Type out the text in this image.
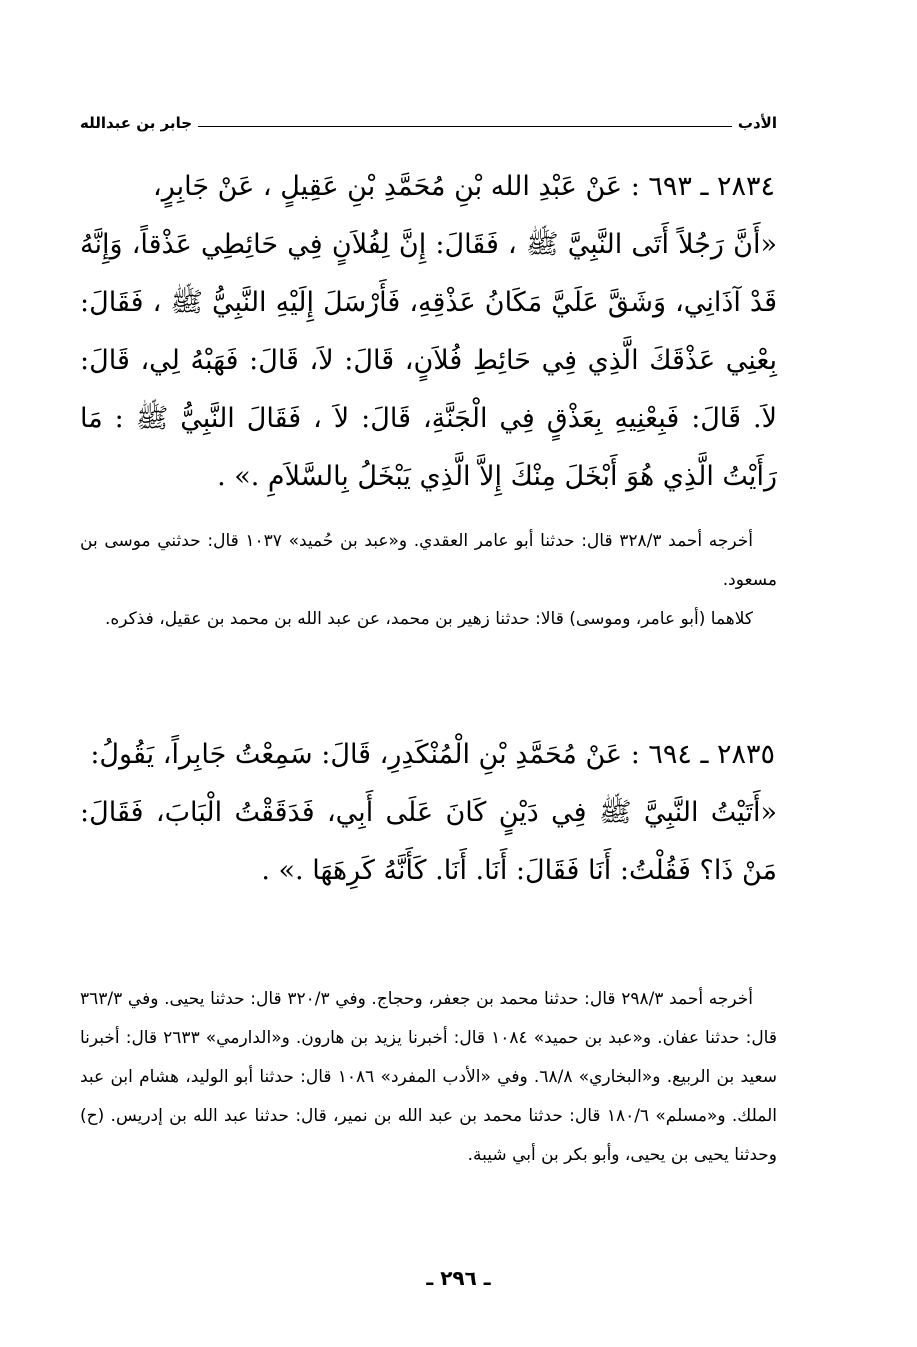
الأدب
جابر بن عبدالله

٢٨٣٤ ـ ٦٩٣ : عَنْ عَبْدِ الله بْنِ مُحَمَّدِ بْنِ عَقِيلٍ ، عَنْ جَابِرٍ،

«أَنَّ رَجُلاً أَتَى النَّبِيَّ ﷺ ، فَقَالَ: إِنَّ لِفُلاَنٍ فِي حَائِطِي عَذْقاً، وَإِنَّهُ قَدْ آذَانِي، وَشَقَّ عَلَيَّ مَكَانُ عَذْقِهِ، فَأَرْسَلَ إِلَيْهِ النَّبِيُّ ﷺ ، فَقَالَ: بِعْنِي عَذْقَكَ الَّذِي فِي حَائِطِ فُلاَنٍ، قَالَ: لاَ، قَالَ: فَهَبْهُ لِي، قَالَ: لاَ. قَالَ: فَبِعْنِيهِ بِعَذْقٍ فِي الْجَنَّةِ، قَالَ: لاَ ، فَقَالَ النَّبِيُّ ﷺ : مَا رَأَيْتُ الَّذِي هُوَ أَبْخَلَ مِنْكَ إِلاَّ الَّذِي يَبْخَلُ بِالسَّلاَمِ .» .

أخرجه أحمد ٣٢٨/٣ قال: حدثنا أبو عامر العقدي. و«عبد بن حُميد» ١٠٣٧ قال: حدثني موسى بن مسعود.

كلاهما (أبو عامر، وموسى) قالا: حدثنا زهير بن محمد، عن عبد الله بن محمد بن عقيل، فذكره.

٢٨٣٥ ـ ٦٩٤ : عَنْ مُحَمَّدِ بْنِ الْمُنْكَدِرِ، قَالَ: سَمِعْتُ جَابِراً، يَقُولُ:

«أَتَيْتُ النَّبِيَّ ﷺ فِي دَيْنٍ كَانَ عَلَى أَبِي، فَدَقَقْتُ الْبَابَ، فَقَالَ: مَنْ ذَا؟ فَقُلْتُ: أَنَا فَقَالَ: أَنَا. أَنَا. كَأَنَّهُ كَرِهَهَا .» .

أخرجه أحمد ٢٩٨/٣ قال: حدثنا محمد بن جعفر، وحجاج. وفي ٣٢٠/٣ قال: حدثنا يحيى. وفي ٣٦٣/٣ قال: حدثنا عفان. و«عبد بن حميد» ١٠٨٤ قال: أخبرنا يزيد بن هارون. و«الدارمي» ٢٦٣٣ قال: أخبرنا سعيد بن الربيع. و«البخاري» ٦٨/٨. وفي «الأدب المفرد» ١٠٨٦ قال: حدثنا أبو الوليد، هشام ابن عبد الملك. و«مسلم» ١٨٠/٦ قال: حدثنا محمد بن عبد الله بن نمير، قال: حدثنا عبد الله بن إدريس. (ح) وحدثنا يحيى بن يحيى، وأبو بكر بن أبي شيبة.

ـ ٢٩٦ ـ
